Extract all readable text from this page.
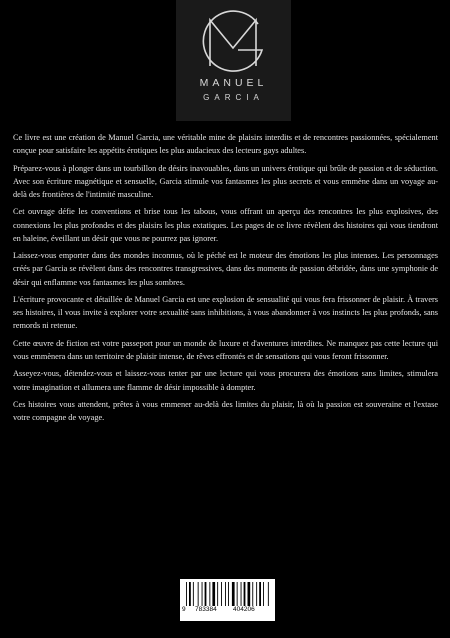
MANUEL
GARCIA

Ce livre est une création de Manuel Garcia, une véritable mine de plaisirs interdits et de rencontres passionnées, spécialement conçue pour satisfaire les appétits érotiques les plus audacieux des lecteurs gays adultes.

Préparez-vous à plonger dans un tourbillon de désirs inavouables, dans un univers érotique qui brûle de passion et de séduction. Avec son écriture magnétique et sensuelle, Garcia stimule vos fantasmes les plus secrets et vous emmène dans un voyage au-delà des frontières de l'intimité masculine.

Cet ouvrage défie les conventions et brise tous les tabous, vous offrant un aperçu des rencontres les plus explosives, des connexions les plus profondes et des plaisirs les plus extatiques. Les pages de ce livre révèlent des histoires qui vous tiendront en haleine, éveillant un désir que vous ne pourrez pas ignorer.

Laissez-vous emporter dans des mondes inconnus, où le péché est le moteur des émotions les plus intenses. Les personnages créés par Garcia se révèlent dans des rencontres transgressives, dans des moments de passion débridée, dans une symphonie de désir qui enflamme vos fantasmes les plus sombres.

L'écriture provocante et détaillée de Manuel Garcia est une explosion de sensualité qui vous fera frissonner de plaisir. À travers ses histoires, il vous invite à explorer votre sexualité sans inhibitions, à vous abandonner à vos instincts les plus profonds, sans remords ni retenue.

Cette œuvre de fiction est votre passeport pour un monde de luxure et d'aventures interdites. Ne manquez pas cette lecture qui vous emmènera dans un territoire de plaisir intense, de rêves effrontés et de sensations qui vous feront frissonner.

Asseyez-vous, détendez-vous et laissez-vous tenter par une lecture qui vous procurera des émotions sans limites, stimulera votre imagination et allumera une flamme de désir impossible à dompter.

Ces histoires vous attendent, prêtes à vous emmener au-delà des limites du plaisir, là où la passion est souveraine et l'extase votre compagne de voyage.

9 783384	404206
